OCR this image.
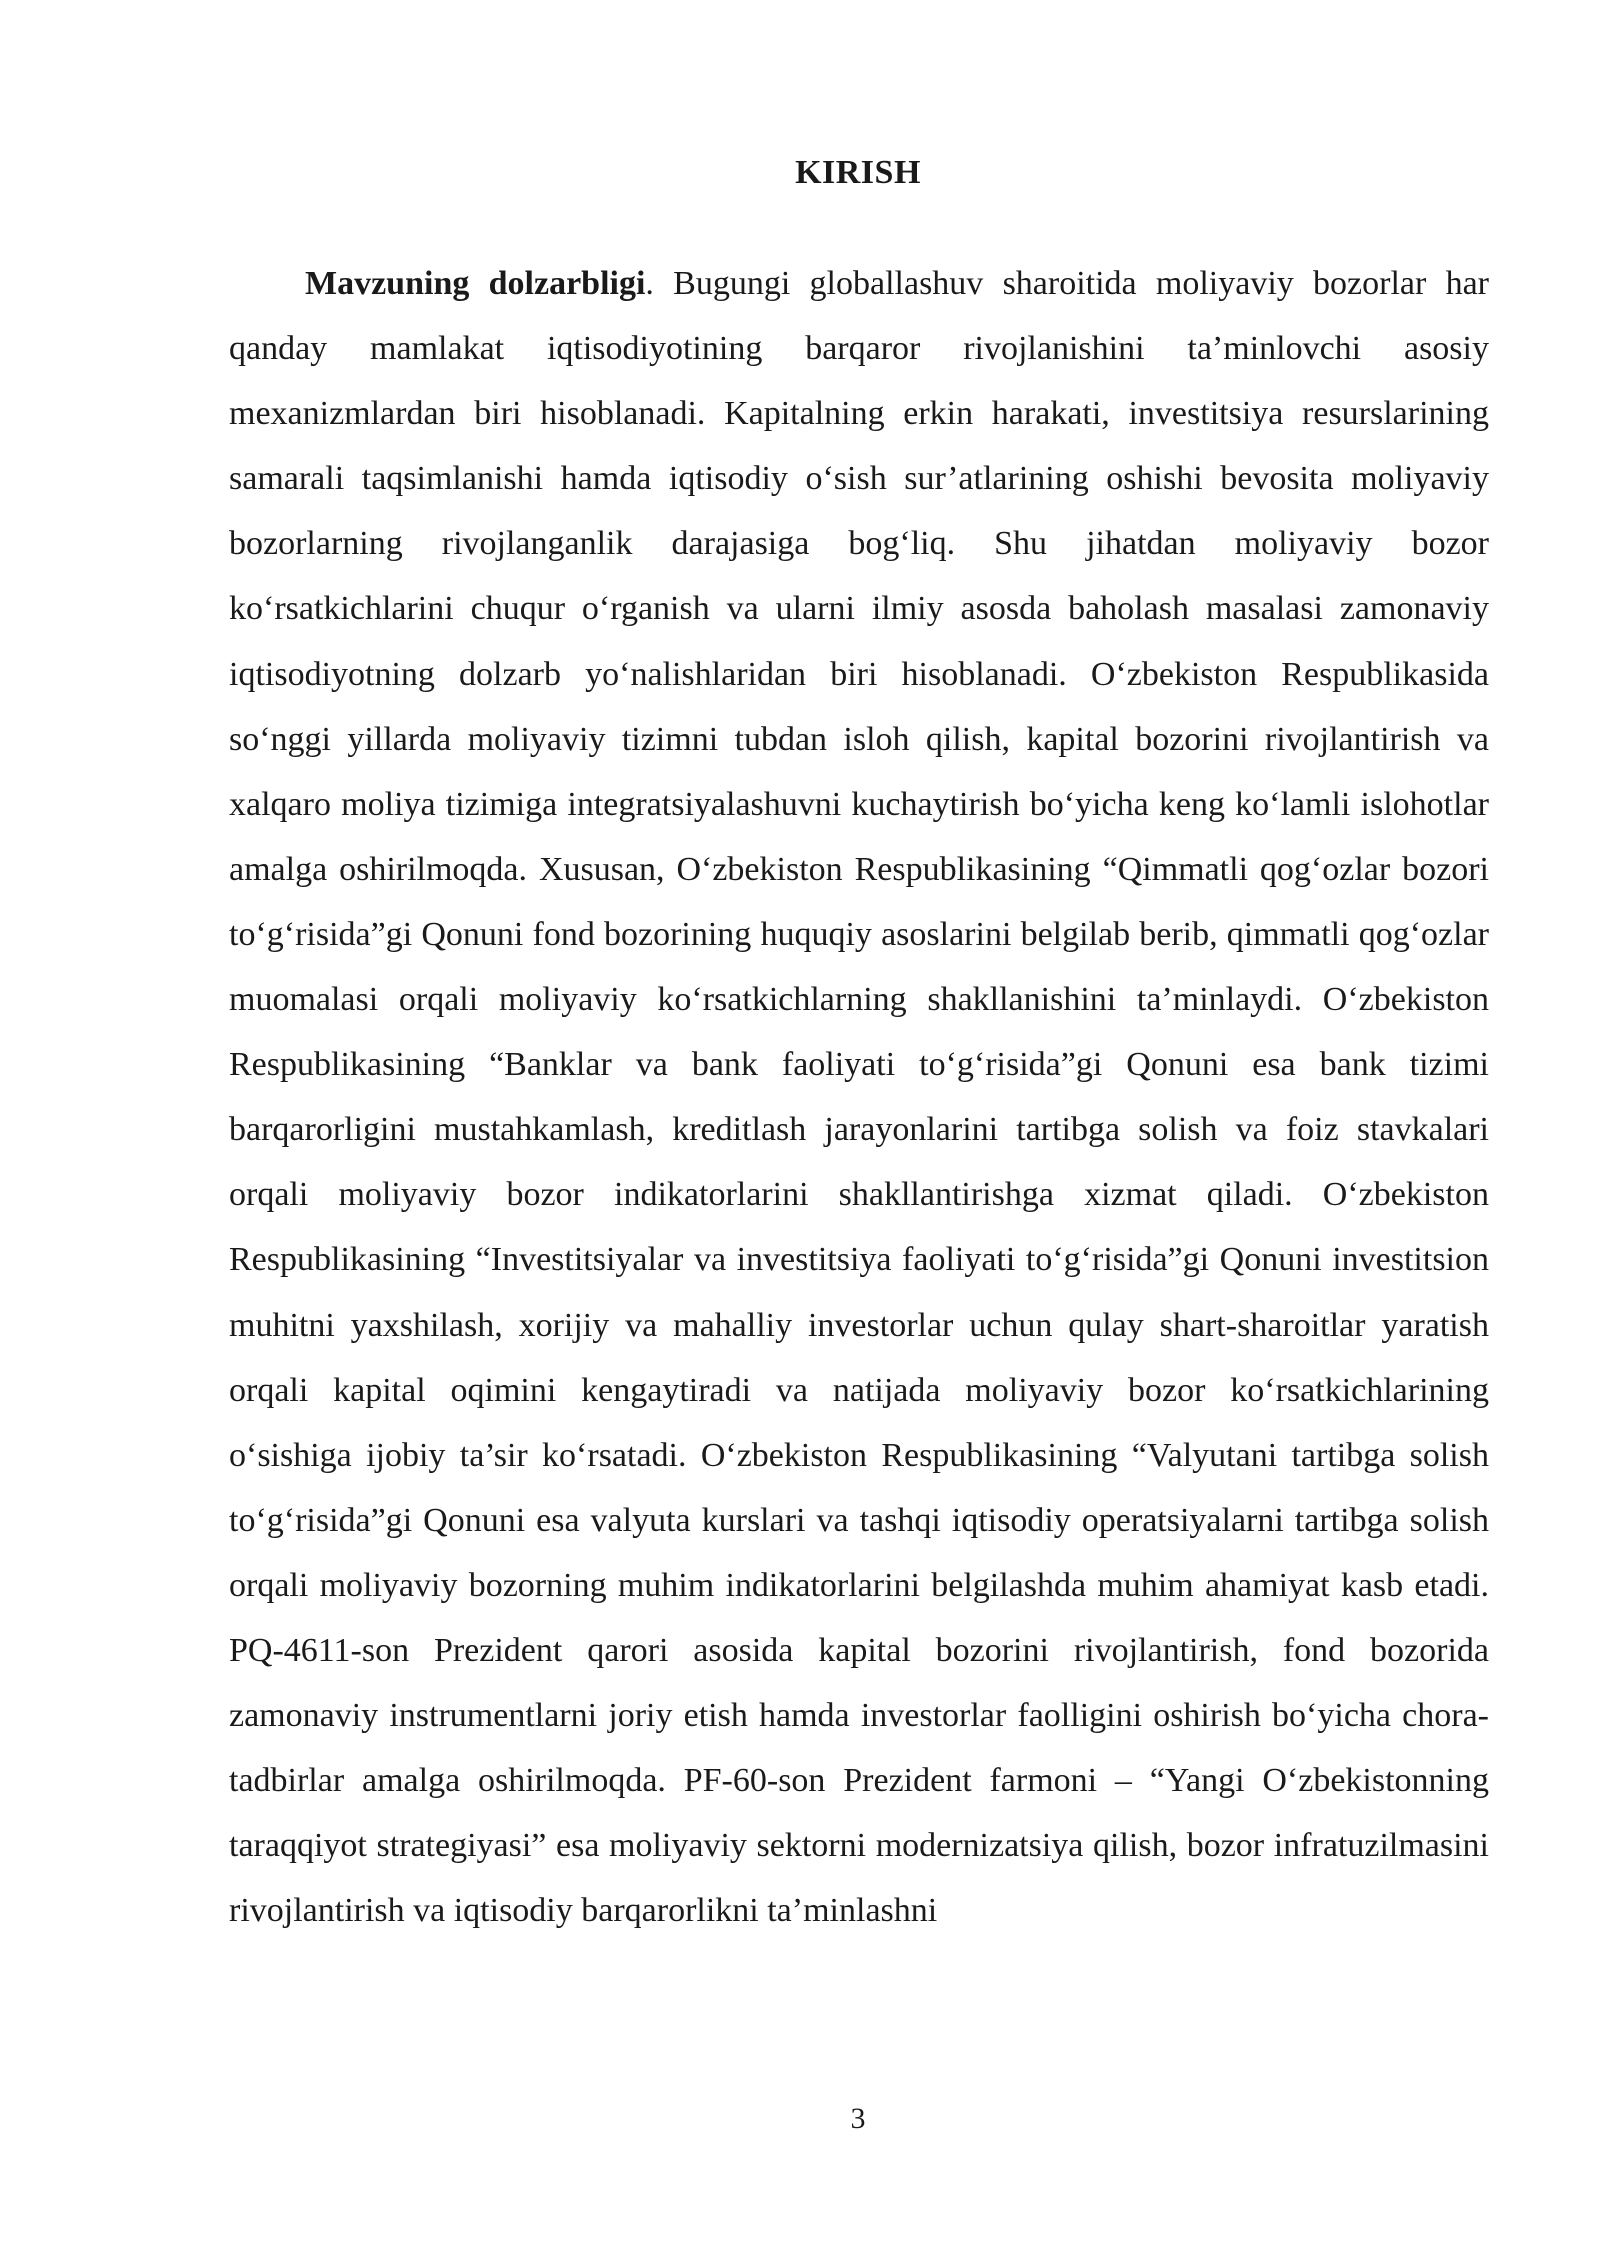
KIRISH

Mavzuning dolzarbligi. Bugungi globallashuv sharoitida moliyaviy bozorlar har qanday mamlakat iqtisodiyotining barqaror rivojlanishini ta’minlovchi asosiy mexanizmlardan biri hisoblanadi. Kapitalning erkin harakati, investitsiya resurslarining samarali taqsimlanishi hamda iqtisodiy o‘sish sur’atlarining oshishi bevosita moliyaviy bozorlarning rivojlanganlik darajasiga bog‘liq. Shu jihatdan moliyaviy bozor ko‘rsatkichlarini chuqur o‘rganish va ularni ilmiy asosda baholash masalasi zamonaviy iqtisodiyotning dolzarb yo‘nalishlaridan biri hisoblanadi. O‘zbekiston Respublikasida so‘nggi yillarda moliyaviy tizimni tubdan isloh qilish, kapital bozorini rivojlantirish va xalqaro moliya tizimiga integratsiyalashuvni kuchaytirish bo‘yicha keng ko‘lamli islohotlar amalga oshirilmoqda. Xususan, O‘zbekiston Respublikasining “Qimmatli qog‘ozlar bozori to‘g‘risida”gi Qonuni fond bozorining huquqiy asoslarini belgilab berib, qimmatli qog‘ozlar muomalasi orqali moliyaviy ko‘rsatkichlarning shakllanishini ta’minlaydi. O‘zbekiston Respublikasining “Banklar va bank faoliyati to‘g‘risida”gi Qonuni esa bank tizimi barqarorligini mustahkamlash, kreditlash jarayonlarini tartibga solish va foiz stavkalari orqali moliyaviy bozor indikatorlarini shakllantirishga xizmat qiladi. O‘zbekiston Respublikasining “Investitsiyalar va investitsiya faoliyati to‘g‘risida”gi Qonuni investitsion muhitni yaxshilash, xorijiy va mahalliy investorlar uchun qulay shart-sharoitlar yaratish orqali kapital oqimini kengaytiradi va natijada moliyaviy bozor ko‘rsatkichlarining o‘sishiga ijobiy ta’sir ko‘rsatadi. O‘zbekiston Respublikasining “Valyutani tartibga solish to‘g‘risida”gi Qonuni esa valyuta kurslari va tashqi iqtisodiy operatsiyalarni tartibga solish orqali moliyaviy bozorning muhim indikatorlarini belgilashda muhim ahamiyat kasb etadi. PQ-4611-son Prezident qarori asosida kapital bozorini rivojlantirish, fond bozorida zamonaviy instrumentlarni joriy etish hamda investorlar faolligini oshirish bo‘yicha chora-tadbirlar amalga oshirilmoqda. PF-60-son Prezident farmoni – “Yangi O‘zbekistonning taraqqiyot strategiyasi” esa moliyaviy sektorni modernizatsiya qilish, bozor infratuzilmasini rivojlantirish va iqtisodiy barqarorlikni ta’minlashni

3
